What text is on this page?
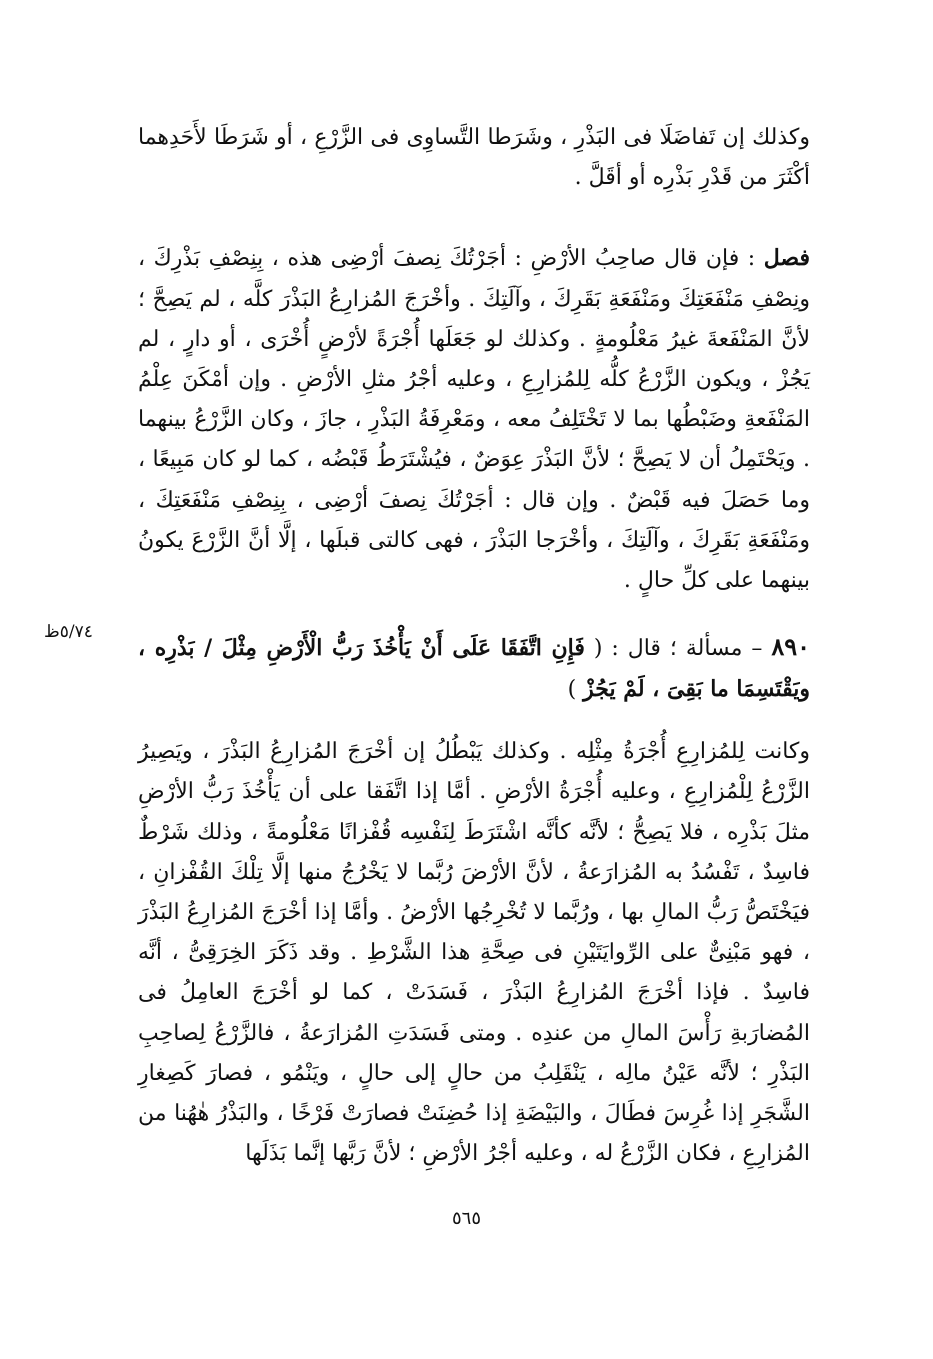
وكذلك إن تَفاضَلَا فى البَذْرِ ، وشَرَطا التَّساوِى فى الزَّرْعِ ، أو شَرَطَا لأَحَدِهما أكْثَرَ من قَدْرِ بَذْرِه أو أقَلَّ .

فصل : فإن قال صاحِبُ الأرْضِ : أجَرْتُكَ نِصفَ أرْضِى هذه ، بِنِصْفِ بَذْرِكَ ، ونِصْفِ مَنْفَعَتِكَ ومَنْفَعَةِ بَقَرِكَ ، وآلَتِكَ . وأخْرَجَ المُزارِعُ البَذْرَ كلَّه ، لم يَصِحَّ ؛ لأنَّ المَنْفَعةَ غيرُ مَعْلُومةٍ . وكذلك لو جَعَلَها أُجْرَةً لأرْضٍ أُخْرَى ، أو دارٍ ، لم يَجُزْ ، ويكون الزَّرْعُ كلُّه لِلمُزارِعِ ، وعليه أجْرُ مثلِ الأرْضِ . وإن أمْكَنَ عِلْمُ المَنْفَعةِ وضَبْطُها بما لا تَخْتَلِفُ معه ، ومَعْرِفَةُ البَذْرِ ، جازَ ، وكان الزَّرْعُ بينهما . ويَحْتَمِلُ أن لا يَصِحَّ ؛ لأنَّ البَذْرَ عِوَضٌ ، فيُشْتَرَطُ قَبْضُه ، كما لو كان مَبِيعًا ، وما حَصَلَ فيه قَبْضٌ . وإن قال : أجَرْتُكَ نِصفَ أرْضِى ، بِنِصْفِ مَنْفَعَتِكَ ، ومَنْفَعَةِ بَقَرِكَ ، وآلَتِكَ ، وأخْرَجا البَذْرَ ، فهى كالتى قبلَها ، إلَّا أنَّ الزَّرْعَ يكونُ بينهما على كلِّ حالٍ .

٨٩٠ – مسألة ؛ قال : ( فَإِنِ اتَّفَقَا عَلَى أَنْ يَأْخُذَ رَبُّ الْأَرْضِ مِثْلَ / بَذْرِه ، ويَقْتَسِمَا ما بَقِىَ ، لَمْ يَجُزْ )

وكانت لِلمُزارِعِ أُجْرَةُ مِثْلِه . وكذلك يَبْطُلُ إن أخْرَجَ المُزارِعُ البَذْرَ ، ويَصِيرُ الزَّرْعُ لِلْمُزارِعِ ، وعليه أُجْرَةُ الأرْضِ . أمَّا إذا اتَّفَقا على أن يَأْخُذَ رَبُّ الأرْضِ مثلَ بَذْرِه ، فلا يَصِحُّ ؛ لأنَّه كأنَّه اشْتَرَطَ لِنَفْسِه قُفْزانًا مَعْلُومةً ، وذلك شَرْطٌ فاسِدٌ ، تَفْسُدُ به المُزارَعةُ ، لأنَّ الأرْضَ رُبَّما لا يَخْرُجُ منها إلَّا تِلْكَ القُفْزانِ ، فيَخْتَصُّ رَبُّ المالِ بها ، ورُبَّما لا تُخْرِجُها الأرْضُ . وأمَّا إذا أخْرَجَ المُزارِعُ البَذْرَ ، فهو مَبْنِىٌّ على الرِّوايَتَيْنِ فى صِحَّةِ هذا الشَّرْطِ . وقد ذَكَرَ الخِرَقِىُّ ، أنَّه فاسِدٌ . فإذا أخْرَجَ المُزارِعُ البَذْرَ ، فَسَدَتْ ، كما لو أخْرَجَ العامِلُ فى المُضارَبةِ رَأْسَ المالِ من عندِه . ومتى فَسَدَتِ المُزارَعةُ ، فالزَّرْعُ لِصاحِبِ البَذْرِ ؛ لأنَّه عَيْنُ مالِه ، يَنْقَلِبُ من حالٍ إلى حالٍ ، ويَنْمُو ، فصارَ كَصِغارِ الشَّجَرِ إذا غُرِسَ فطَالَ ، والبَيْضَةِ إذا حُضِنَتْ فصارَتْ فَرْخًا ، والبَذْرُ هٰهُنا من المُزارِعِ ، فكان الزَّرْعُ له ، وعليه أجْرُ الأرْضِ ؛ لأنَّ رَبَّها إنَّما بَذَلَها

٥/٧٤ظ
٥٦٥
